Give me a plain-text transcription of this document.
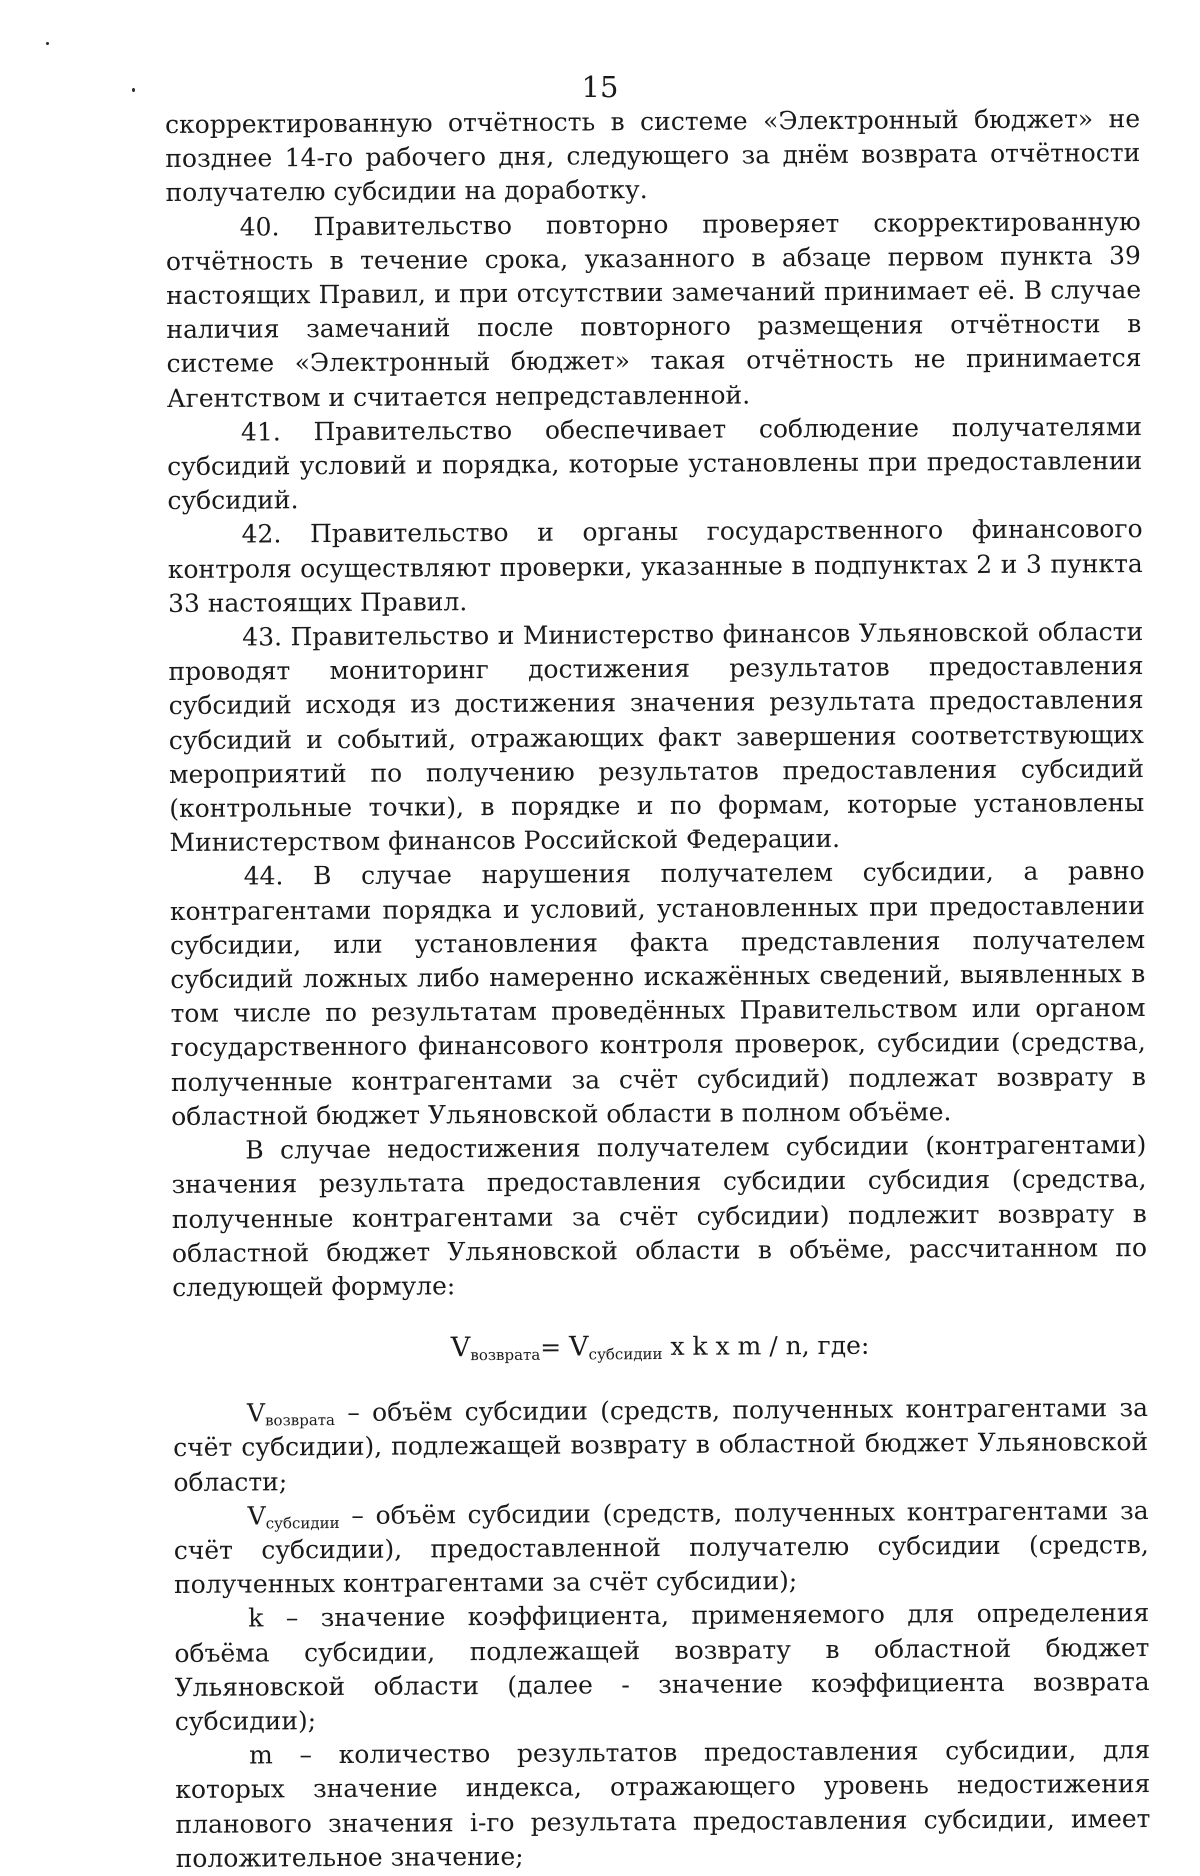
15

скорректированную отчётность в системе «Электронный бюджет» не позднее 14-го рабочего дня, следующего за днём возврата отчётности получателю субсидии на доработку.

40. Правительство повторно проверяет скорректированную отчётность в течение срока, указанного в абзаце первом пункта 39 настоящих Правил, и при отсутствии замечаний принимает её. В случае наличия замечаний после повторного размещения отчётности в системе «Электронный бюджет» такая отчётность не принимается Агентством и считается непредставленной.

41. Правительство обеспечивает соблюдение получателями субсидий условий и порядка, которые установлены при предоставлении субсидий.

42. Правительство и органы государственного финансового контроля осуществляют проверки, указанные в подпунктах 2 и 3 пункта 33 настоящих Правил.

43. Правительство и Министерство финансов Ульяновской области проводят мониторинг достижения результатов предоставления субсидий исходя из достижения значения результата предоставления субсидий и событий, отражающих факт завершения соответствующих мероприятий по получению результатов предоставления субсидий (контрольные точки), в порядке и по формам, которые установлены Министерством финансов Российской Федерации.

44. В случае нарушения получателем субсидии, а равно контрагентами порядка и условий, установленных при предоставлении субсидии, или установления факта представления получателем субсидий ложных либо намеренно искажённых сведений, выявленных в том числе по результатам проведённых Правительством или органом государственного финансового контроля проверок, субсидии (средства, полученные контрагентами за счёт субсидий) подлежат возврату в областной бюджет Ульяновской области в полном объёме.

В случае недостижения получателем субсидии (контрагентами) значения результата предоставления субсидии субсидия (средства, полученные контрагентами за счёт субсидии) подлежит возврату в областной бюджет Ульяновской области в объёме, рассчитанном по следующей формуле:

$V_{возврата}= V_{субсидии}$ x k x m / n, где:

$V_{возврата}$ – объём субсидии (средств, полученных контрагентами за счёт субсидии), подлежащей возврату в областной бюджет Ульяновской области;

$V_{субсидии}$ – объём субсидии (средств, полученных контрагентами за счёт субсидии), предоставленной получателю субсидии (средств, полученных контрагентами за счёт субсидии);

k – значение коэффициента, применяемого для определения объёма субсидии, подлежащей возврату в областной бюджет Ульяновской области (далее - значение коэффициента возврата субсидии);

m – количество результатов предоставления субсидии, для которых значение индекса, отражающего уровень недостижения планового значения i-го результата предоставления субсидии, имеет положительное значение;
